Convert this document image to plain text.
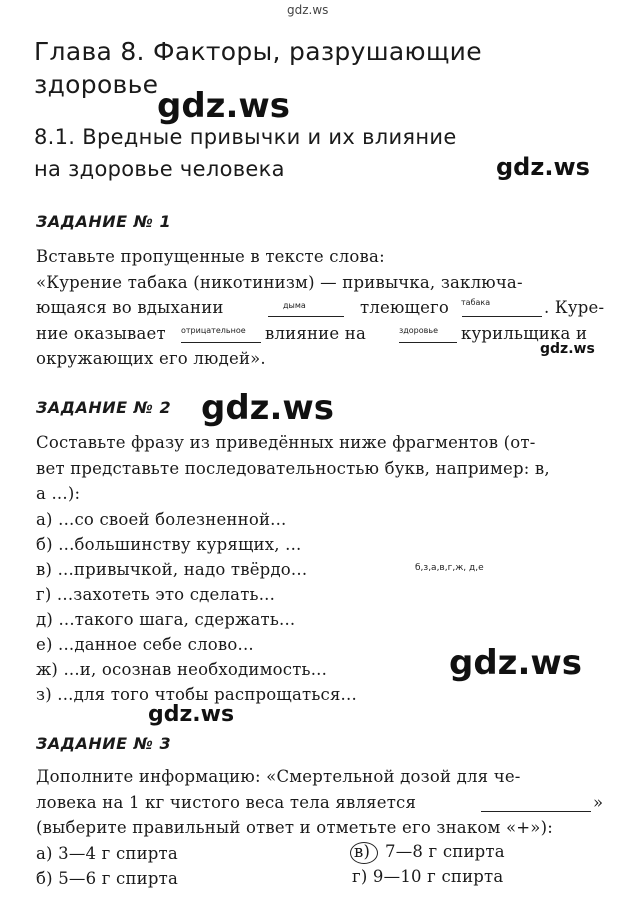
gdz.ws
Глава 8. Факторы, разрушающие
здоровье
gdz.ws
8.1. Вредные привычки и их влияние
на здоровье человека	gdz.ws
ЗАДАНИЕ № 1
Вставьте пропущенные в тексте слова:
«Курение табака (никотинизм) — привычка, заключа-
ющаяся во вдыхании	дыма	тлеющего табака	. Куре-
ние оказывает отрицательное влияние на	здоровье курильщика и
окружающих его людей».	gdz.ws
ЗАДАНИЕ № 2 gdz.ws
Составьте фразу из приведённых ниже фрагментов (от-
вет представьте последовательностью букв, например: в,
а ...):
а) ...со своей болезненной...
б) ...большинству курящих, ...
в) ...привычкой, надо твёрдо...	б,з,а,в,г,ж, д,е
г) ...захотеть это сделать...
д) ...такого шага, сдержать...
е) ...данное себе слово...
ж) ...и, осознав необходимость...
з) ...для того чтобы распрощаться...
gdz.ws
gdz.ws
ЗАДАНИЕ № 3
Дополните информацию: «Смертельной дозой для че-
ловека на 1 кг чистого веса тела является	»
(выберите правильный ответ и отметьте его знаком «+»):
а) 3—4 г спирта
б) 5—6 г спирта
в) 7—8 г спирта
г) 9—10 г спирта
